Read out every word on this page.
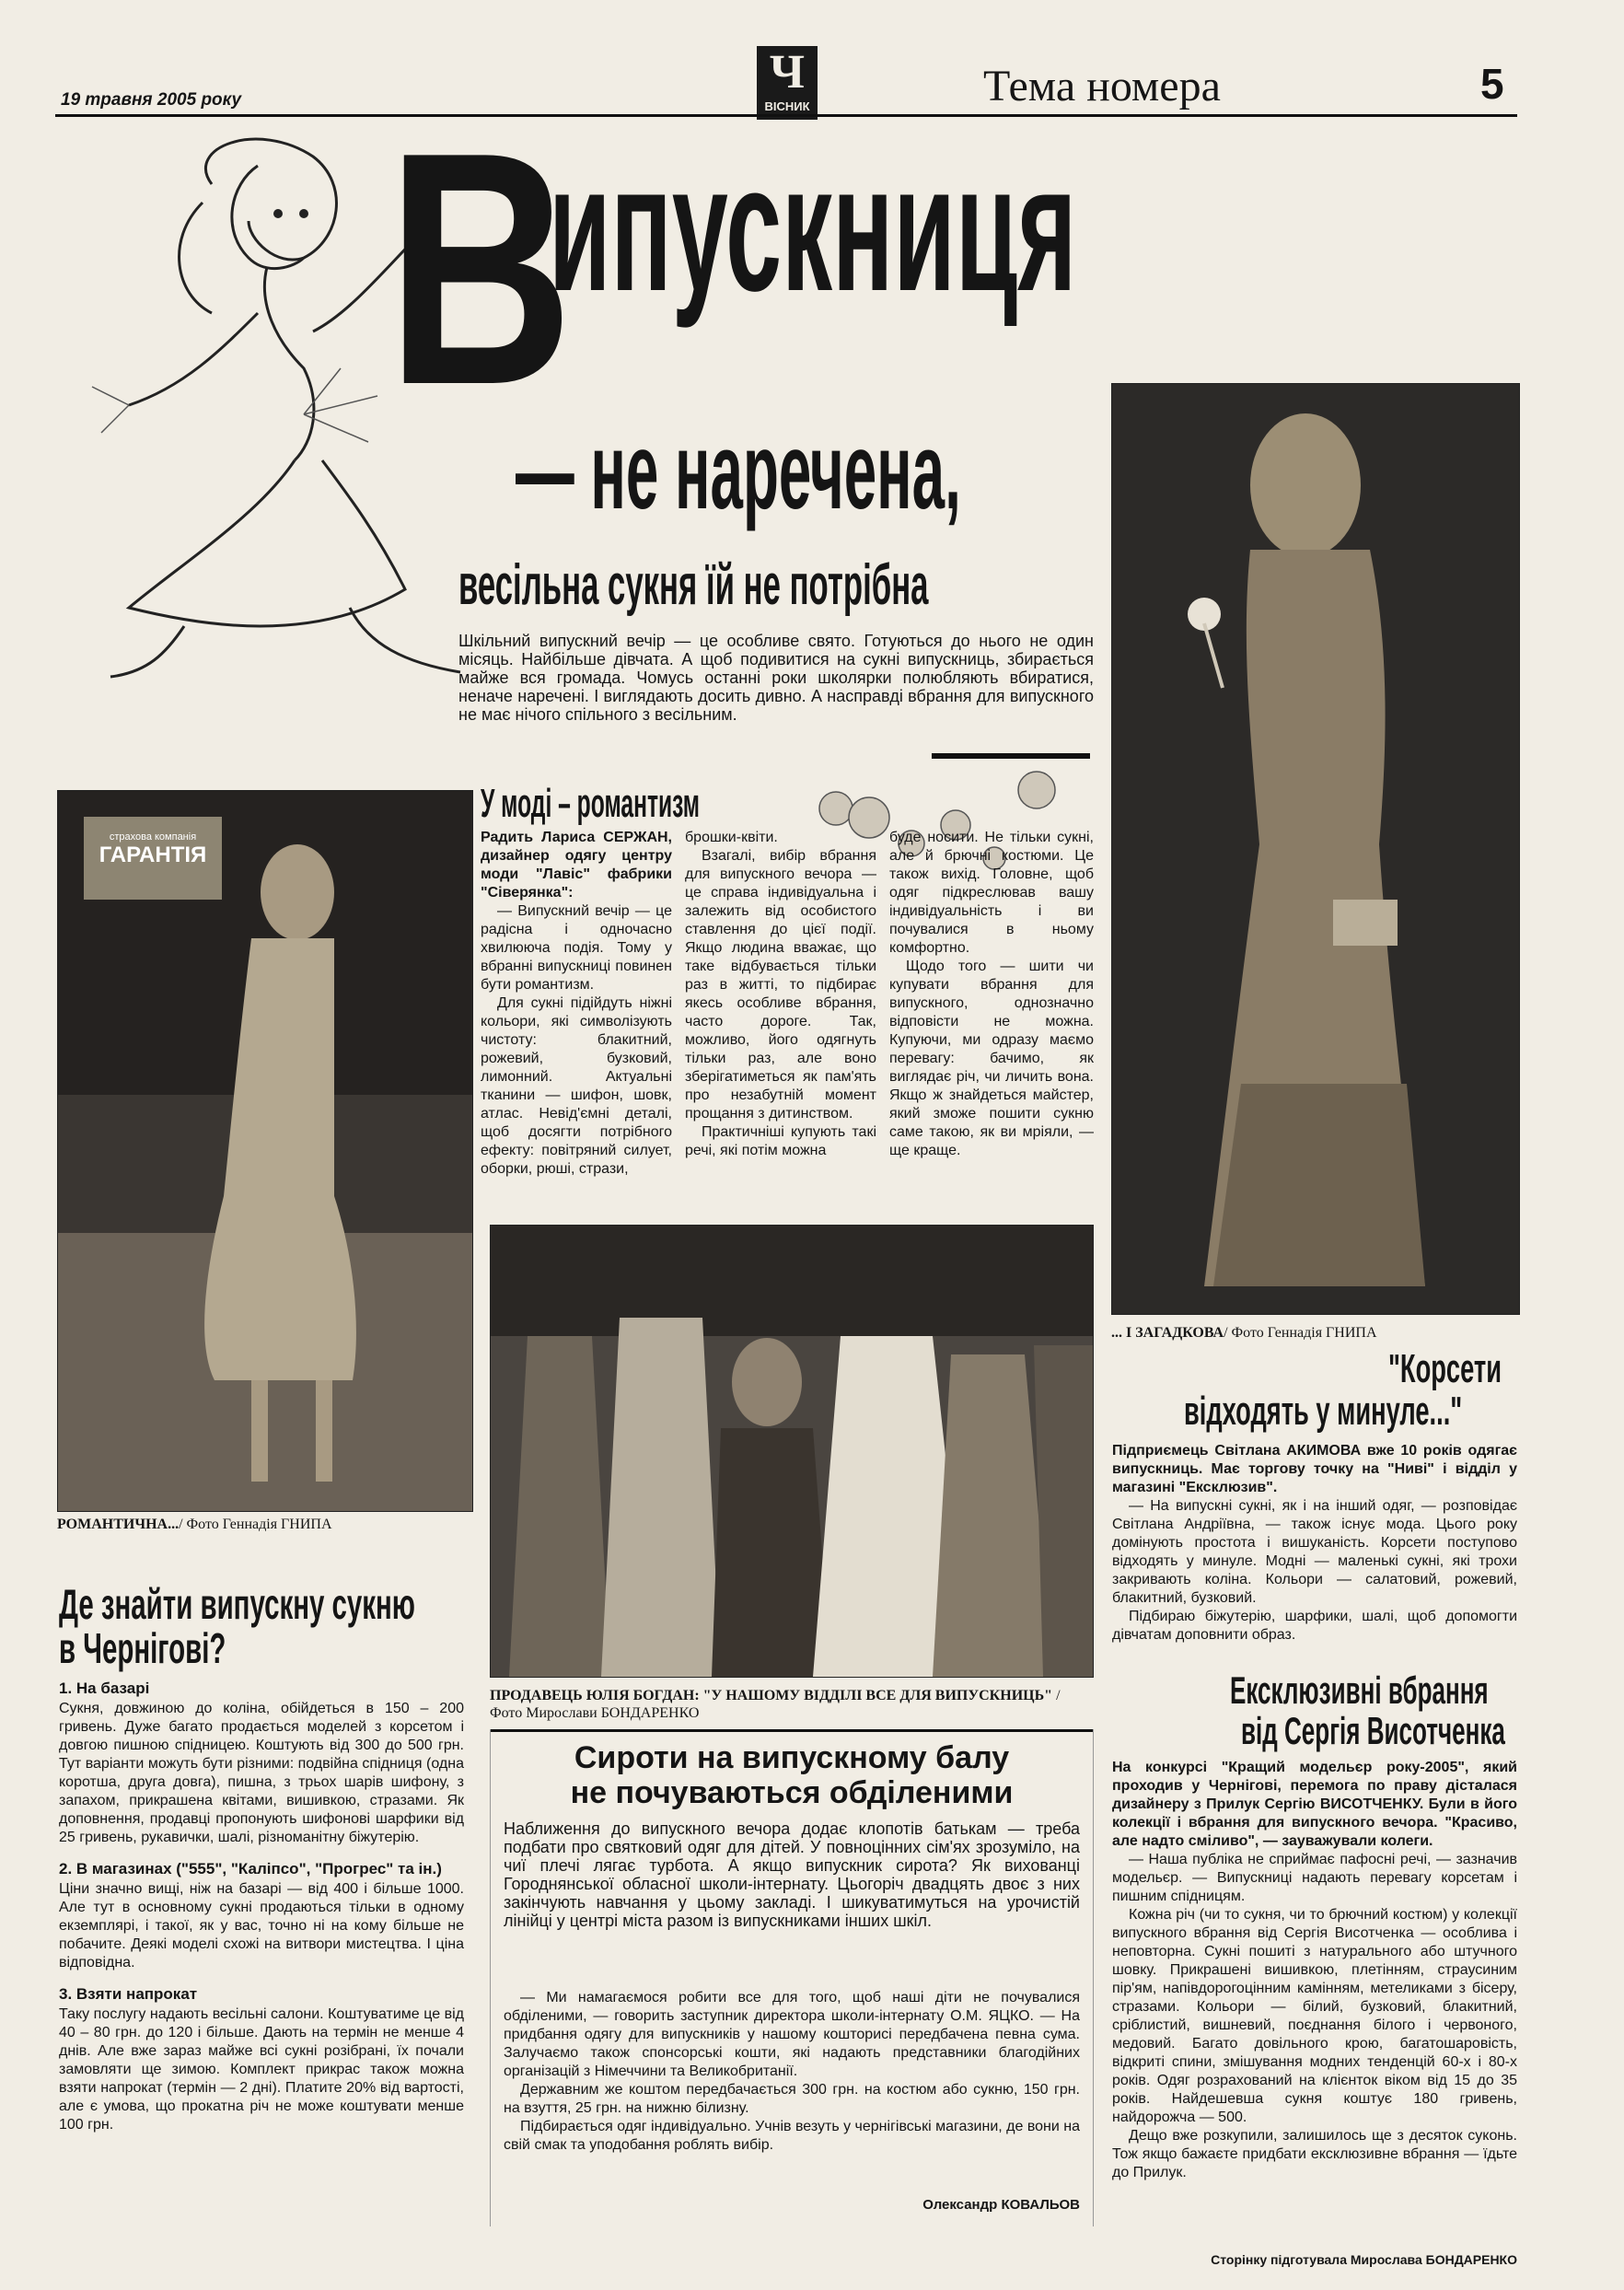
19 травня 2005 року
Ч
ВІСНИК	Тема номера	5
В
ипускниця
— не наречена,
весільна сукня їй не потрібна
Шкільний випускний вечір — це особливе свято. Готуються до нього не один місяць. Найбільше дівчата. А щоб подивитися на сукні випускниць, збирається майже вся громада. Чомусь останні роки школярки полюбляють вбиратися, неначе наречені. І виглядають досить дивно. А насправді вбрання для випускного не має нічого спільного з весільним.
... І ЗАГАДКОВА/ Фото Геннадія ГНИПА
страхова компанія
ГАРАНТІЯ
РОМАНТИЧНА.../ Фото Геннадія ГНИПА
У моді – романтизм

Радить Лариса СЕРЖАН, дизайнер одягу центру моди "Лавіс" фабрики "Сіверянка":

— Випускний вечір — це радісна і одночасно хвилююча подія. Тому у вбранні випускниці повинен бути романтизм.

Для сукні підійдуть ніжні кольори, які символізують чистоту: блакитний, рожевий, бузковий, лимонний. Актуальні тканини — шифон, шовк, атлас. Невід'ємні деталі, щоб досягти потрібного ефекту: повітряний силует, оборки, рюші, стрази,

брошки-квіти.

Взагалі, вибір вбрання для випускного вечора — це справа індивідуальна і залежить від особистого ставлення до цієї події. Якщо людина вважає, що таке відбувається тільки раз в житті, то підбирає якесь особливе вбрання, часто дороге. Так, можливо, його одягнуть тільки раз, але воно зберігатиметься як пам'ять про незабутній момент прощання з дитинством.

Практичніші купують такі речі, які потім можна

буде носити. Не тільки сукні, але й брючні костюми. Це також вихід. Головне, щоб одяг підкреслював вашу індивідуальність і ви почувалися в ньому комфортно.

Щодо того — шити чи купувати вбрання для випускного, однозначно відповісти не можна. Купуючи, ми одразу маємо перевагу: бачимо, як виглядає річ, чи личить вона. Якщо ж знайдеться майстер, який зможе пошити сукню саме такою, як ви мріяли, — ще краще.

ПРОДАВЕЦЬ ЮЛІЯ БОГДАН: "У НАШОМУ ВІДДІЛІ ВСЕ ДЛЯ ВИПУСКНИЦЬ" / Фото Мирослави БОНДАРЕНКО
Де знайти випускну сукню
в Чернігові?
1. На базарі

Сукня, довжиною до коліна, обійдеться в 150 – 200 гривень. Дуже багато продається моделей з корсетом і довгою пишною спідницею. Коштують від 300 до 500 грн. Тут варіанти можуть бути різними: подвійна спідниця (одна коротша, друга довга), пишна, з трьох шарів шифону, з запахом, прикрашена квітами, вишивкою, стразами. Як доповнення, продавці пропонують шифонові шарфики від 25 гривень, рукавички, шалі, різноманітну біжутерію.

2. В магазинах ("555", "Каліпсо", "Прогрес" та ін.)

Ціни значно вищі, ніж на базарі — від 400 і більше 1000. Але тут в основному сукні продаються тільки в одному екземплярі, і такої, як у вас, точно ні на кому більше не побачите. Деякі моделі схожі на витвори мистецтва. І ціна відповідна.

3. Взяти напрокат

Таку послугу надають весільні салони. Коштуватиме це від 40 – 80 грн. до 120 і більше. Дають на термін не менше 4 днів. Але вже зараз майже всі сукні розібрані, їх почали замовляти ще зимою. Комплект прикрас також можна взяти напрокат (термін — 2 дні). Платите 20% від вартості, але є умова, що прокатна річ не може коштувати менше 100 грн.

Сироти на випускному балу
не почуваються обділеними
Наближення до випускного вечора додає клопотів батькам — треба подбати про святковий одяг для дітей. У повноцінних сім'ях зрозуміло, на чиї плечі лягає турбота. А якщо випускник сирота? Як вихованці Городнянської обласної школи-інтернату. Цьогоріч двадцять двоє з них закінчують навчання у цьому закладі. І шикуватимуться на урочистій лінійці у центрі міста разом із випускниками інших шкіл.

— Ми намагаємося робити все для того, щоб наші діти не почувалися обділеними, — говорить заступник директора школи-інтернату О.М. ЯЦКО. — На придбання одягу для випускників у нашому кошторисі передбачена певна сума. Залучаємо також спонсорські кошти, які надають представники благодійних організацій з Німеччини та Великобританії.

Державним же коштом передбачається 300 грн. на костюм або сукню, 150 грн. на взуття, 25 грн. на нижню білизну.

Підбирається одяг індивідуально. Учнів везуть у чернігівські магазини, де вони на свій смак та уподобання роблять вибір.

Олександр КОВАЛЬОВ
"Корсети
відходять у минуле..."

Підприємець Світлана АКИМОВА вже 10 років одягає випускниць. Має торгову точку на "Ниві" і відділ у магазині "Ексклюзив".

— На випускні сукні, як і на інший одяг, — розповідає Світлана Андріївна, — також існує мода. Цього року домінують простота і вишуканість. Корсети поступово відходять у минуле. Модні — маленькі сукні, які трохи закривають коліна. Кольори — салатовий, рожевий, блакитний, бузковий.

Підбираю біжутерію, шарфики, шалі, щоб допомогти дівчатам доповнити образ.

Ексклюзивні вбрання
від Сергія Висотченка

На конкурсі "Кращий модельєр року-2005", який проходив у Чернігові, перемога по праву дісталася дизайнеру з Прилук Сергію ВИСОТЧЕНКУ. Були в його колекції і вбрання для випускного вечора. "Красиво, але надто сміливо", — зауважували колеги.

— Наша публіка не сприймає пафосні речі, — зазначив модельєр. — Випускниці надають перевагу корсетам і пишним спідницям.

Кожна річ (чи то сукня, чи то брючний костюм) у колекції випускного вбрання від Сергія Висотченка — особлива і неповторна. Сукні пошиті з натурального або штучного шовку. Прикрашені вишивкою, плетінням, страусиним пір'ям, напівдорогоцінним камінням, метеликами з бісеру, стразами. Кольори — білий, бузковий, блакитний, сріблистий, вишневий, поєднання білого і червоного, медовий. Багато довільного крою, багатошаровість, відкриті спини, змішування модних тенденцій 60-х і 80-х років. Одяг розрахований на клієнток віком від 15 до 35 років. Найдешевша сукня коштує 180 гривень, найдорожча — 500.

Дещо вже розкупили, залишилось ще з десяток суконь. Тож якщо бажаєте придбати ексклюзивне вбрання — їдьте до Прилук.

Сторінку підготувала Мирослава БОНДАРЕНКО
